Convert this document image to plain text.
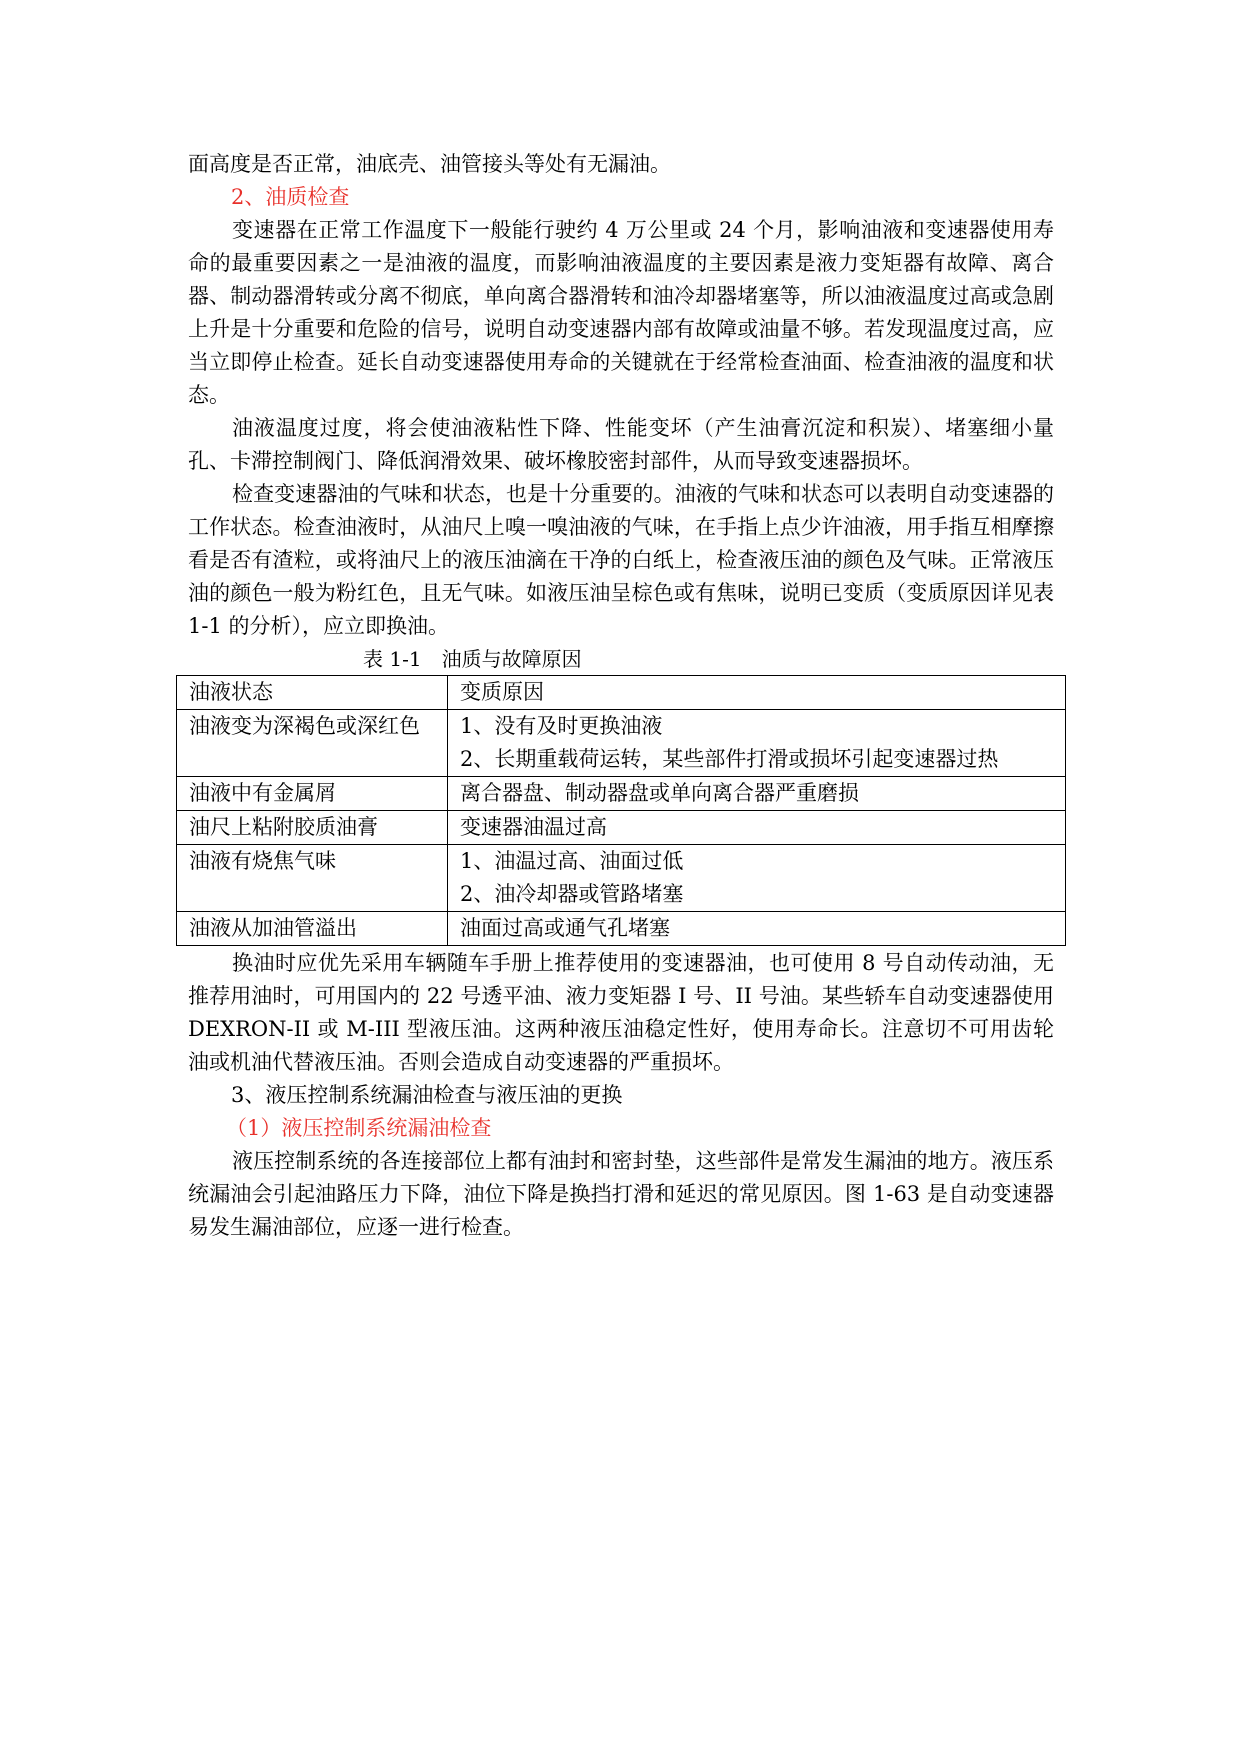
面高度是否正常，油底壳、油管接头等处有无漏油。

2、油质检查

变速器在正常工作温度下一般能行驶约 4 万公里或 24 个月，影响油液和变速器使用寿命的最重要因素之一是油液的温度，而影响油液温度的主要因素是液力变矩器有故障、离合器、制动器滑转或分离不彻底，单向离合器滑转和油冷却器堵塞等，所以油液温度过高或急剧上升是十分重要和危险的信号，说明自动变速器内部有故障或油量不够。若发现温度过高，应当立即停止检查。延长自动变速器使用寿命的关键就在于经常检查油面、检查油液的温度和状态。

油液温度过度，将会使油液粘性下降、性能变坏（产生油膏沉淀和积炭）、堵塞细小量孔、卡滞控制阀门、降低润滑效果、破坏橡胶密封部件，从而导致变速器损坏。

检查变速器油的气味和状态，也是十分重要的。油液的气味和状态可以表明自动变速器的工作状态。检查油液时，从油尺上嗅一嗅油液的气味，在手指上点少许油液，用手指互相摩擦看是否有渣粒，或将油尺上的液压油滴在干净的白纸上，检查液压油的颜色及气味。正常液压油的颜色一般为粉红色，且无气味。如液压油呈棕色或有焦味，说明已变质（变质原因详见表 1-1 的分析），应立即换油。

表 1-1　油质与故障原因

油液状态	变质原因
油液变为深褐色或深红色	1、没有及时更换油液
2、长期重载荷运转，某些部件打滑或损坏引起变速器过热

油液中有金属屑	离合器盘、制动器盘或单向离合器严重磨损
油尺上粘附胶质油膏	变速器油温过高
油液有烧焦气味	1、油温过高、油面过低
2、油冷却器或管路堵塞

油液从加油管溢出	油面过高或通气孔堵塞

换油时应优先采用车辆随车手册上推荐使用的变速器油，也可使用 8 号自动传动油，无推荐用油时，可用国内的 22 号透平油、液力变矩器 I 号、II 号油。某些轿车自动变速器使用 DEXRON-II 或 M-III 型液压油。这两种液压油稳定性好，使用寿命长。注意切不可用齿轮油或机油代替液压油。否则会造成自动变速器的严重损坏。

3、液压控制系统漏油检查与液压油的更换

（1）液压控制系统漏油检查

液压控制系统的各连接部位上都有油封和密封垫，这些部件是常发生漏油的地方。液压系统漏油会引起油路压力下降，油位下降是换挡打滑和延迟的常见原因。图 1-63 是自动变速器易发生漏油部位，应逐一进行检查。
